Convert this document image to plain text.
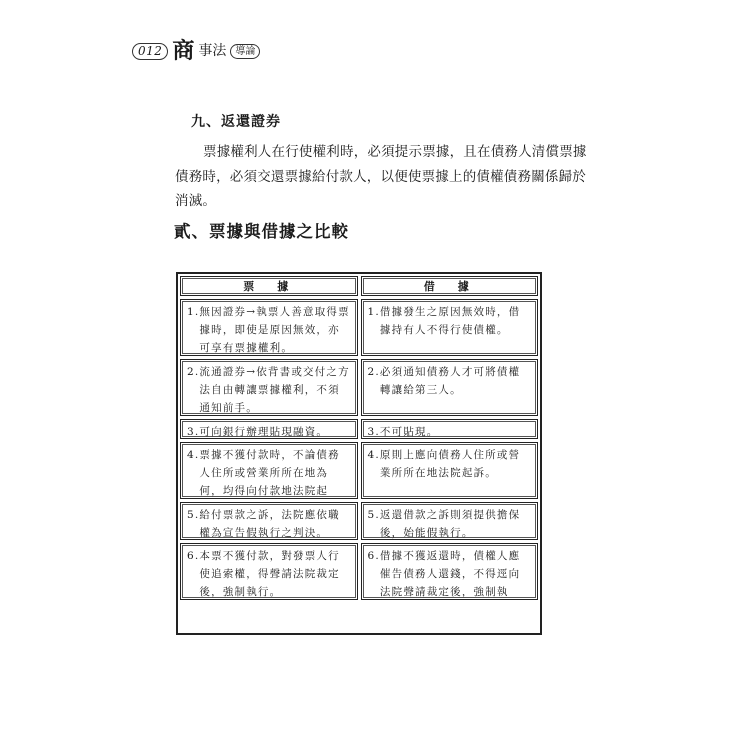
012 商 事法 導論
九、返還證券
票據權利人在行使權利時，必須提示票據，且在債務人清償票據
債務時，必須交還票據給付款人，以便使票據上的債權債務關係歸於
消滅。
貳、票據與借據之比較
票　據	借　據
1. 無因證券→執票人善意取得票據時，即使是原因無效，亦可享有票據權利。
1. 借據發生之原因無效時，借據持有人不得行使債權。
2. 流通證券→依背書或交付之方法自由轉讓票據權利，不須通知前手。
2. 必須通知債務人才可將債權轉讓給第三人。
3. 可向銀行辦理貼現融資。	3. 不可貼現。
4. 票據不獲付款時，不論債務人住所或營業所所在地為何，均得向付款地法院起
4. 原則上應向債務人住所或營業所所在地法院起訴。
5. 給付票款之訴，法院應依職權為宣告假執行之判決。
5. 返還借款之訴則須提供擔保後，始能假執行。
6. 本票不獲付款，對發票人行使追索權，得聲請法院裁定後，強制執行。
6. 借據不獲返還時，債權人應催告債務人還錢，不得逕向法院聲請裁定後，強制執
